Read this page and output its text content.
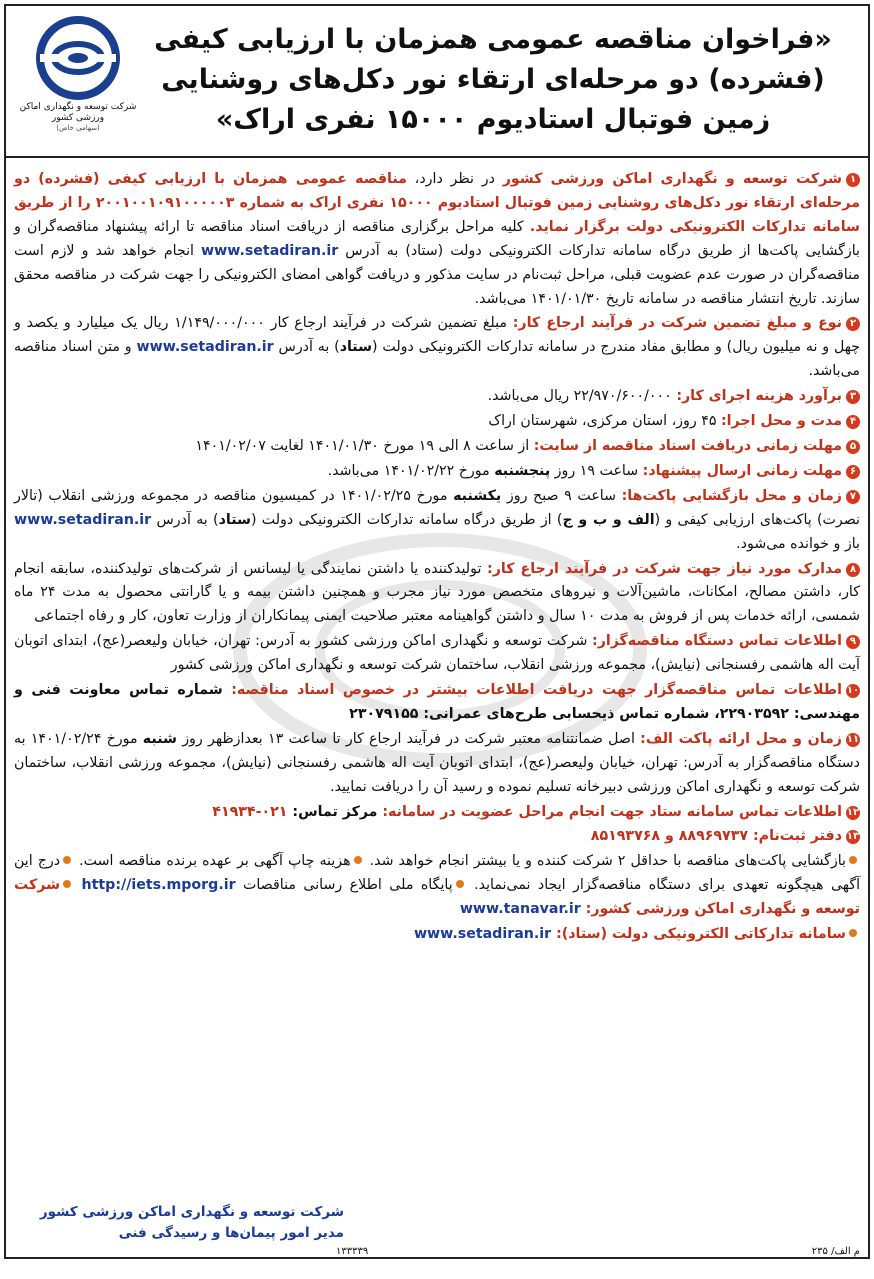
شرکت توسعه و نگهداری اماکن ورزشی کشور
(سهامی خاص)
«فراخوان مناقصه عمومی همزمان با ارزیابی کیفی
(فشرده) دو مرحله‌ای ارتقاء نور دکل‌های روشنایی
زمین فوتبال استادیوم ۱۵۰۰۰ نفری اراک»
۱شرکت توسعه و نگهداری اماکن ورزشی کشور در نظر دارد، مناقصه عمومی همزمان با ارزیابی کیفی (فشرده) دو مرحله‌ای ارتقاء نور دکل‌های روشنایی زمین فوتبال استادیوم ۱۵۰۰۰ نفری اراک به شماره ۲۰۰۱۰۰۱۰۹۱۰۰۰۰۰۳ را از طریق سامانه تدارکات الکترونیکی دولت برگزار نماید. کلیه مراحل برگزاری مناقصه از دریافت اسناد مناقصه تا ارائه پیشنهاد مناقصه‌گران و بازگشایی پاکت‌ها از طریق درگاه سامانه تدارکات الکترونیکی دولت (ستاد) به آدرس www.setadiran.ir انجام خواهد شد و لازم است مناقصه‌گران در صورت عدم عضویت قبلی، مراحل ثبت‌نام در سایت مذکور و دریافت گواهی امضای الکترونیکی را جهت شرکت در مناقصه محقق سازند. تاریخ انتشار مناقصه در سامانه تاریخ ۱۴۰۱/۰۱/۳۰ می‌باشد.
۲نوع و مبلغ تضمین شرکت در فرآیند ارجاع کار: مبلغ تضمین شرکت در فرآیند ارجاع کار ۱/۱۴۹/۰۰۰/۰۰۰ ریال یک میلیارد و یکصد و چهل و نه میلیون ریال) و مطابق مفاد مندرج در سامانه تدارکات الکترونیکی دولت (ستاد) به آدرس www.setadiran.ir و متن اسناد مناقصه می‌باشد.
۳برآورد هزینه اجرای کار: ۲۲/۹۷۰/۶۰۰/۰۰۰ ریال می‌باشد.
۴مدت و محل اجرا: ۴۵ روز، استان مرکزی، شهرستان اراک
۵مهلت زمانی دریافت اسناد مناقصه از سایت: از ساعت ۸ الی ۱۹ مورخ ۱۴۰۱/۰۱/۳۰ لغایت ۱۴۰۱/۰۲/۰۷
۶مهلت زمانی ارسال پیشنهاد: ساعت ۱۹ روز پنجشنبه مورخ ۱۴۰۱/۰۲/۲۲ می‌باشد.
۷زمان و محل بازگشایی پاکت‌ها: ساعت ۹ صبح روز یکشنبه مورخ ۱۴۰۱/۰۲/۲۵ در کمیسیون مناقصه در مجموعه ورزشی انقلاب (تالار نصرت) پاکت‌های ارزیابی کیفی و (الف و ب و ج) از طریق درگاه سامانه تدارکات الکترونیکی دولت (ستاد) به آدرس www.setadiran.ir باز و خوانده می‌شود.
۸مدارک مورد نیاز جهت شرکت در فرآیند ارجاع کار: تولیدکننده یا داشتن نمایندگی یا لیسانس از شرکت‌های تولیدکننده، سابقه انجام کار، داشتن مصالح، امکانات، ماشین‌آلات و نیروهای متخصص مورد نیاز مجرب و همچنین داشتن بیمه و یا گارانتی محصول به مدت ۲۴ ماه شمسی، ارائه خدمات پس از فروش به مدت ۱۰ سال و داشتن گواهینامه معتبر صلاحیت ایمنی پیمانکاران از وزارت تعاون، کار و رفاه اجتماعی
۹اطلاعات تماس دستگاه مناقصه‌گزار: شرکت توسعه و نگهداری اماکن ورزشی کشور به آدرس: تهران، خیابان ولیعصر(عج)، ابتدای اتوبان آیت اله هاشمی رفسنجانی (نیایش)، مجموعه ورزشی انقلاب، ساختمان شرکت توسعه و نگهداری اماکن ورزشی کشور
۱۰اطلاعات تماس مناقصه‌گزار جهت دریافت اطلاعات بیشتر در خصوص اسناد مناقصه: شماره تماس معاونت فنی و مهندسی: ۲۲۹۰۳۵۹۲، شماره تماس ذیحسابی طرح‌های عمرانی: ۲۳۰۷۹۱۵۵
۱۱زمان و محل ارائه پاکت الف: اصل ضمانتنامه معتبر شرکت در فرآیند ارجاع کار تا ساعت ۱۳ بعدازظهر روز شنبه مورخ ۱۴۰۱/۰۲/۲۴ به دستگاه مناقصه‌گزار به آدرس: تهران، خیابان ولیعصر(عج)، ابتدای اتوبان آیت اله هاشمی رفسنجانی (نیایش)، مجموعه ورزشی انقلاب، ساختمان شرکت توسعه و نگهداری اماکن ورزشی دبیرخانه تسلیم نموده و رسید آن را دریافت نمایید.
۱۲اطلاعات تماس سامانه ستاد جهت انجام مراحل عضویت در سامانه: مرکز تماس: ۰۲۱-۴۱۹۳۴
۱۳دفتر ثبت‌نام: ۸۸۹۶۹۷۳۷ و ۸۵۱۹۳۷۶۸
بازگشایی پاکت‌های مناقصه با حداقل ۲ شرکت کننده و یا بیشتر انجام خواهد شد. هزینه چاپ آگهی بر عهده برنده مناقصه است. درج این آگهی هیچگونه تعهدی برای دستگاه مناقصه‌گزار ایجاد نمی‌نماید. پایگاه ملی اطلاع رسانی مناقصات http://iets.mporg.ir شرکت توسعه و نگهداری اماکن ورزشی کشور: www.tanavar.ir
سامانه تدارکاتی الکترونیکی دولت (ستاد): www.setadiran.ir
شرکت توسعه و نگهداری اماکن ورزشی کشور
مدیر امور پیمان‌ها و رسیدگی فنی
م الف/ ۲۳۵
۱۳۳۳۳۹
